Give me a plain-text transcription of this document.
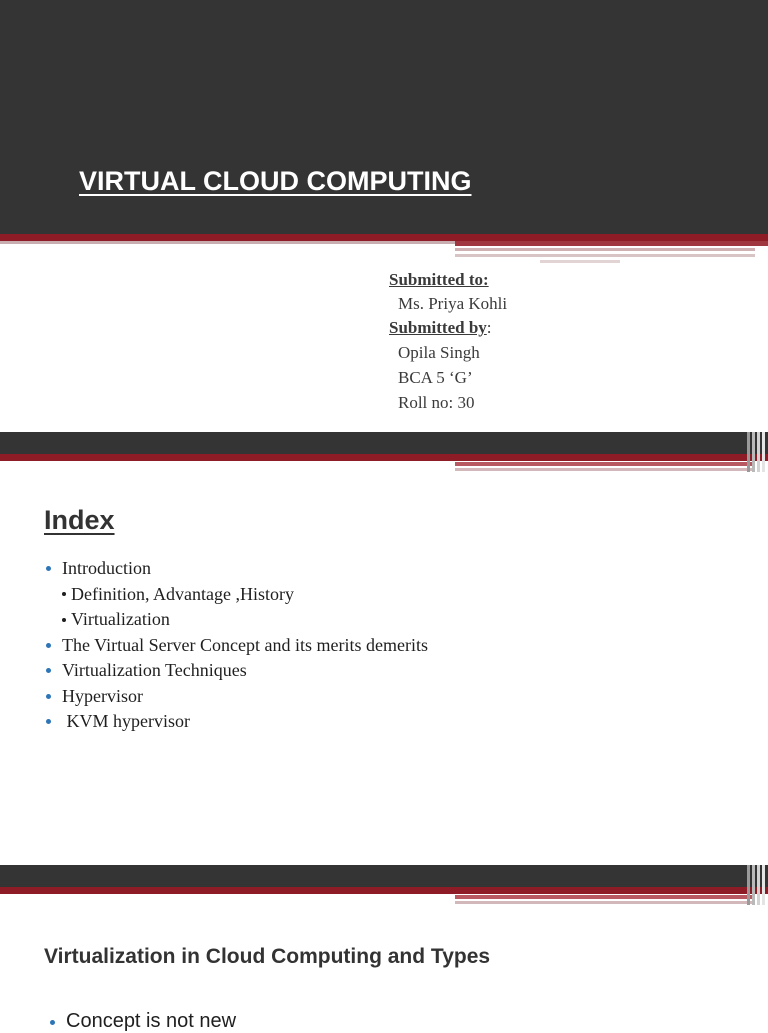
VIRTUAL CLOUD COMPUTING
Submitted to:
Ms. Priya Kohli
Submitted by:
Opila Singh
BCA 5 ‘G’
Roll no: 30
Index
Introduction
Definition, Advantage ,History
Virtualization
The Virtual Server Concept and its merits demerits
Virtualization Techniques
Hypervisor
KVM hypervisor
Virtualization in Cloud Computing and Types
Concept is not new
